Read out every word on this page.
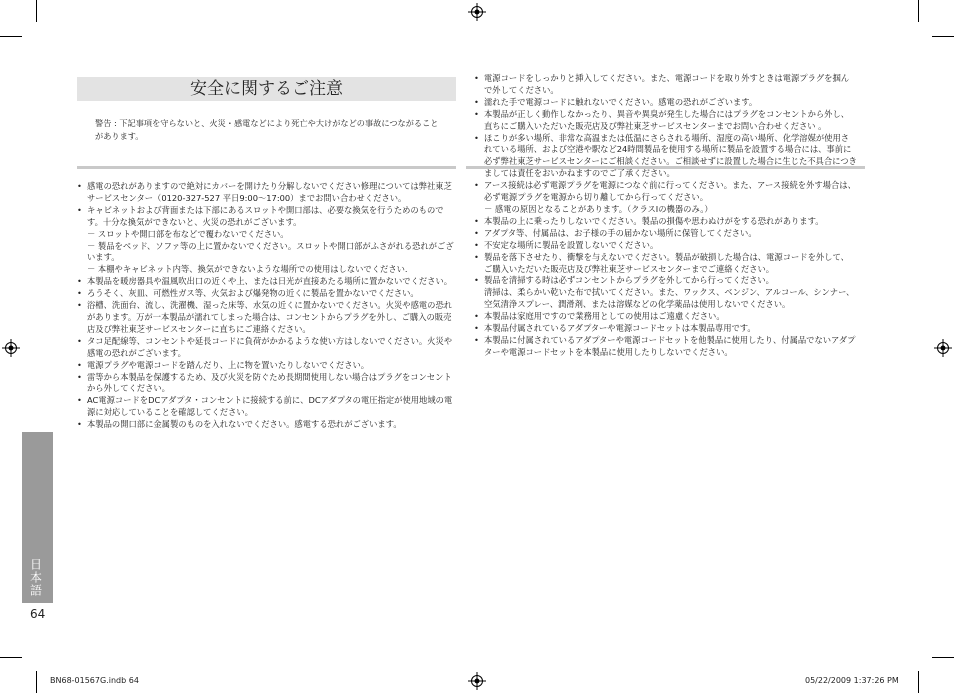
安全に関するご注意
警告 : 下記事項を守らないと、火災・感電などにより死亡や大けがなどの事故につながることがあります。
• 感電の恐れがありますので絶対にカバーを開けたり分解しないでください修理については弊社東芝サービスセンター（0120-327-527 平日9:00～17:00）までお問い合わせください。
• キャビネットおよび背面または下部にあるスロットや開口部は、必要な換気を行うためのものです。十分な換気ができないと、火災の恐れがございます。
－ スロットや開口部を布などで覆わないでください。
－ 製品をベッド、ソファ等の上に置かないでください。スロットや開口部がふさがれる恐れがございます。
－ 本棚やキャビネット内等、換気ができないような場所での使用はしないでください.
• 本製品を暖房器具や温風吹出口の近くや上、または日光が直接あたる場所に置かないでください。
• ろうそく、灰皿、可燃性ガス等、火気および爆発物の近くに製品を置かないでください。
• 浴槽、洗面台、流し、洗濯機、湿った床等、水気の近くに置かないでください。火災や感電の恐れがあります。万が一本製品が濡れてしまった場合は、コンセントからプラグを外し、ご購入の販売店及び弊社東芝サービスセンターに直ちにご連絡ください。
• タコ足配線等、コンセントや延長コードに負荷がかかるような使い方はしないでください。火災や感電の恐れがございます。
• 電源プラグや電源コードを踏んだり、上に物を置いたりしないでください。
• 雷等から本製品を保護するため、及び火災を防ぐため長期間使用しない場合はプラグをコンセントから外してください。
• AC電源コードをDCアダプタ・コンセントに接続する前に、DCアダプタの電圧指定が使用地域の電源に対応していることを確認してください。
• 本製品の開口部に金属製のものを入れないでください。感電する恐れがございます。
• 電源コードをしっかりと挿入してください。また、電源コードを取り外すときは電源プラグを掴んで外してください。
• 濡れた手で電源コードに触れないでください。感電の恐れがございます。
• 本製品が正しく動作しなかったり、異音や異臭が発生した場合にはプラグをコンセントから外し、直ちにご購入いただいた販売店及び弊社東芝サービスセンターまでお問い合わせください 。
• ほこりが多い場所、非常な高温または低温にさらされる場所、湿度の高い場所、化学溶媒が使用されている場所、および空港や駅など24時間製品を使用する場所に製品を設置する場合には、事前に必ず弊社東芝サービスセンターにご相談ください。ご相談せずに設置した場合に生じた不具合につきましては責任をおいかねますのでご了承ください。
• アース接続は必ず電源プラグを電源につなぐ前に行ってください。また、アース接続を外す場合は、必ず電源プラグを電源から切り離してから行ってください。
－ 感電の原因となることがあります。（クラスⅠの機器のみ。）
• 本製品の上に乗ったりしないでください。製品の損傷や思わぬけがをする恐れがあります。
• アダプタ等、付属品は、お子様の手の届かない場所に保管してください。
• 不安定な場所に製品を設置しないでください。
• 製品を落下させたり、衝撃を与えないでください。製品が破損した場合は、電源コードを外して、ご購入いただいた販売店及び弊社東芝サービスセンターまでご連絡ください。
• 製品を清掃する時は必ずコンセントからプラグを外してから行ってください。
清掃は、柔らかい乾いた布で拭いてください。また、ワックス、ベンジン、アルコール、シンナー、空気清浄スプレー、潤滑剤、または溶媒などの化学薬品は使用しないでください。
• 本製品は家庭用ですので業務用としての使用はご遠慮ください。
• 本製品付属されているアダプターや電源コードセットは本製品専用です。
• 本製品に付属されているアダプターや電源コードセットを他製品に使用したり、付属品でないアダプターや電源コードセットを本製品に使用したりしないでください。
日本語
64
BN68-01567G.indb 64	05/22/2009 1:37:26 PM
